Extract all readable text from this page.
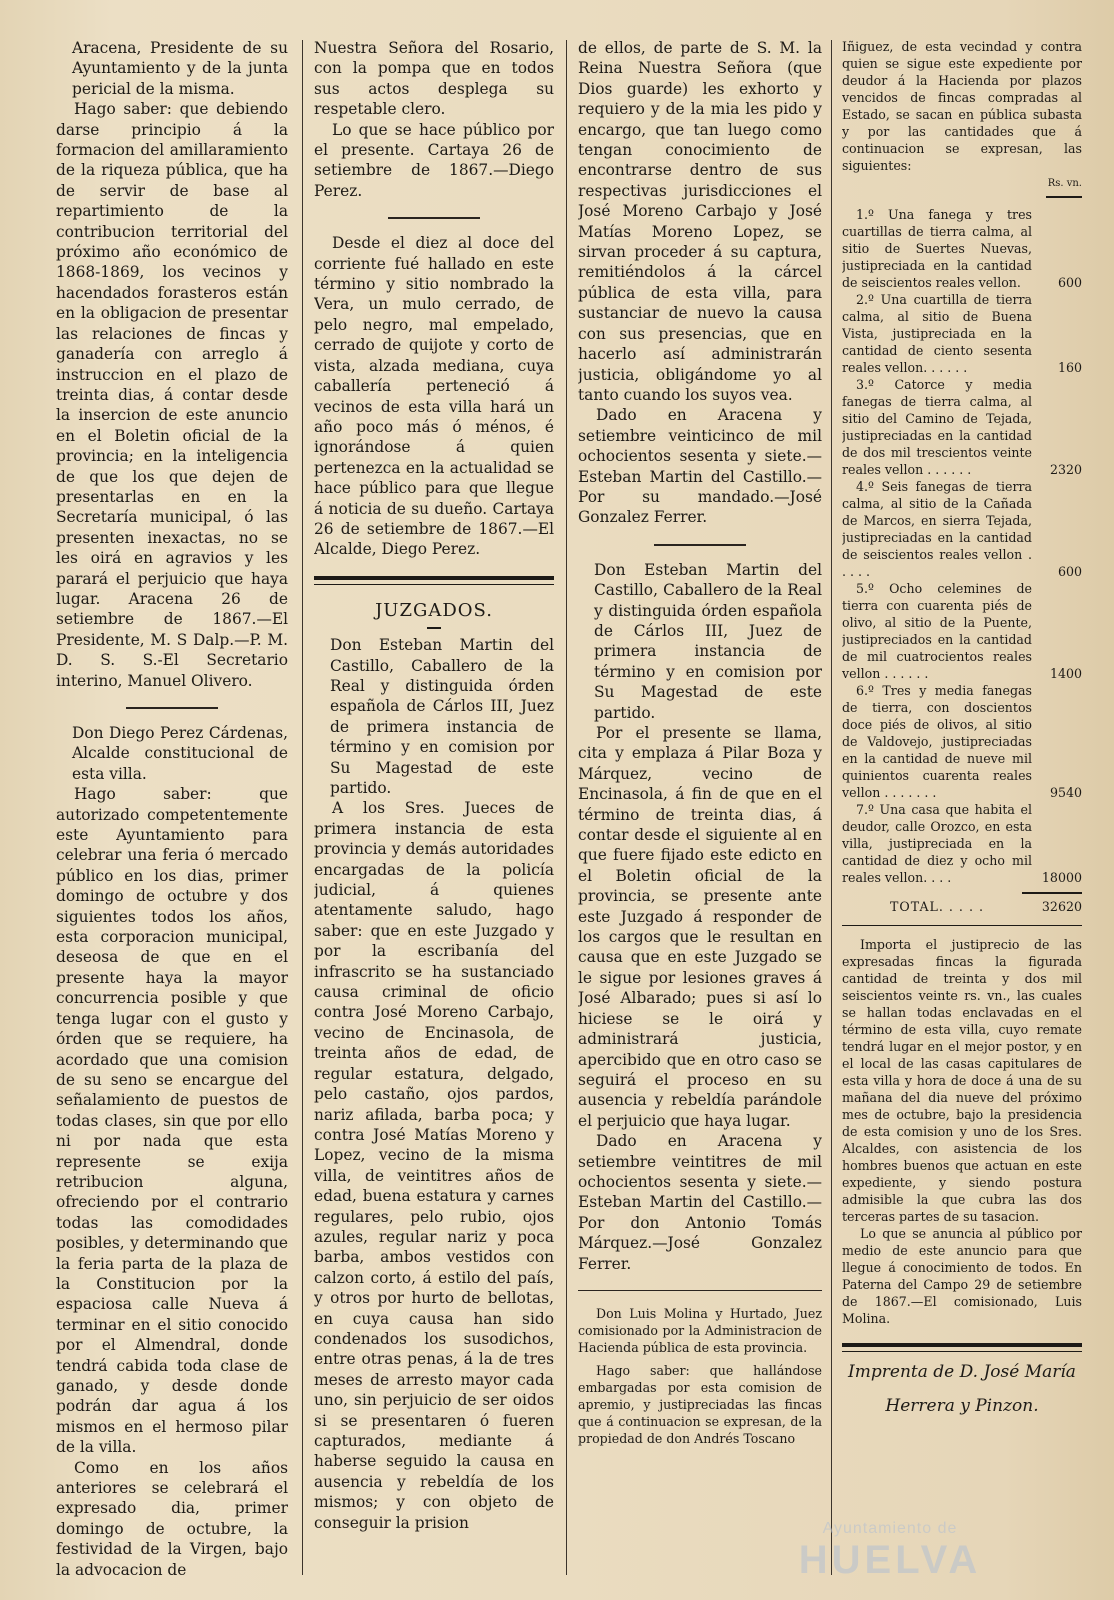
Aracena, Presidente de su Ayuntamiento y de la junta pericial de la misma.

Hago saber: que debiendo darse principio á la formacion del amillaramiento de la riqueza pública, que ha de servir de base al repartimiento de la contribucion territorial del próximo año económico de 1868-1869, los vecinos y hacendados forasteros están en la obligacion de presentar las relaciones de fincas y ganadería con arreglo á instruccion en el plazo de treinta dias, á contar desde la insercion de este anuncio en el Boletin oficial de la provincia; en la inteligencia de que los que dejen de presentarlas en en la Secretaría municipal, ó las presenten inexactas, no se les oirá en agravios y les parará el perjuicio que haya lugar. Aracena 26 de setiembre de 1867.—El Presidente, M. S Dalp.—P. M. D. S. S.-El Secretario interino, Manuel Olivero.

Don Diego Perez Cárdenas, Alcalde constitucional de esta villa.

Hago saber: que autorizado competentemente este Ayuntamiento para celebrar una feria ó mercado público en los dias, primer domingo de octubre y dos siguientes todos los años, esta corporacion municipal, deseosa de que en el presente haya la mayor concurrencia posible y que tenga lugar con el gusto y órden que se requiere, ha acordado que una comision de su seno se encargue del señalamiento de puestos de todas clases, sin que por ello ni por nada que esta represente se exija retribucion alguna, ofreciendo por el contrario todas las comodidades posibles, y determinando que la feria parta de la plaza de la Constitucion por la espaciosa calle Nueva á terminar en el sitio conocido por el Almendral, donde tendrá cabida toda clase de ganado, y desde donde podrán dar agua á los mismos en el hermoso pilar de la villa.

Como en los años anteriores se celebrará el expresado dia, primer domingo de octubre, la festividad de la Virgen, bajo la advocacion de

Nuestra Señora del Rosario, con la pompa que en todos sus actos desplega su respetable clero.

Lo que se hace público por el presente. Cartaya 26 de setiembre de 1867.—Diego Perez.

Desde el diez al doce del corriente fué hallado en este término y sitio nombrado la Vera, un mulo cerrado, de pelo negro, mal empelado, cerrado de quijote y corto de vista, alzada mediana, cuya caballería perteneció á vecinos de esta villa hará un año poco más ó ménos, é ignorándose á quien pertenezca en la actualidad se hace público para que llegue á noticia de su dueño. Cartaya 26 de setiembre de 1867.—El Alcalde, Diego Perez.

JUZGADOS.

Don Esteban Martin del Castillo, Caballero de la Real y distinguida órden española de Cárlos III, Juez de primera instancia de término y en comision por Su Magestad de este partido.

A los Sres. Jueces de primera instancia de esta provincia y demás autoridades encargadas de la policía judicial, á quienes atentamente saludo, hago saber: que en este Juzgado y por la escribanía del infrascrito se ha sustanciado causa criminal de oficio contra José Moreno Carbajo, vecino de Encinasola, de treinta años de edad, de regular estatura, delgado, pelo castaño, ojos pardos, nariz afilada, barba poca; y contra José Matías Moreno y Lopez, vecino de la misma villa, de veintitres años de edad, buena estatura y carnes regulares, pelo rubio, ojos azules, regular nariz y poca barba, ambos vestidos con calzon corto, á estilo del país, y otros por hurto de bellotas, en cuya causa han sido condenados los susodichos, entre otras penas, á la de tres meses de arresto mayor cada uno, sin perjuicio de ser oidos si se presentaren ó fueren capturados, mediante á haberse seguido la causa en ausencia y rebeldía de los mismos; y con objeto de conseguir la prision

de ellos, de parte de S. M. la Reina Nuestra Señora (que Dios guarde) les exhorto y requiero y de la mia les pido y encargo, que tan luego como tengan conocimiento de encontrarse dentro de sus respectivas jurisdicciones el José Moreno Carbajo y José Matías Moreno Lopez, se sirvan proceder á su captura, remitiéndolos á la cárcel pública de esta villa, para sustanciar de nuevo la causa con sus presencias, que en hacerlo así administrarán justicia, obligándome yo al tanto cuando los suyos vea.

Dado en Aracena y setiembre veinticinco de mil ochocientos sesenta y siete.—Esteban Martin del Castillo.—Por su mandado.—José Gonzalez Ferrer.

Don Esteban Martin del Castillo, Caballero de la Real y distinguida órden española de Cárlos III, Juez de primera instancia de término y en comision por Su Magestad de este partido.

Por el presente se llama, cita y emplaza á Pilar Boza y Márquez, vecino de Encinasola, á fin de que en el término de treinta dias, á contar desde el siguiente al en que fuere fijado este edicto en el Boletin oficial de la provincia, se presente ante este Juzgado á responder de los cargos que le resultan en causa que en este Juzgado se le sigue por lesiones graves á José Albarado; pues si así lo hiciese se le oirá y administrará justicia, apercibido que en otro caso se seguirá el proceso en su ausencia y rebeldía parándole el perjuicio que haya lugar.

Dado en Aracena y setiembre veintitres de mil ochocientos sesenta y siete.—Esteban Martin del Castillo.—Por don Antonio Tomás Márquez.—José Gonzalez Ferrer.

Don Luis Molina y Hurtado, Juez comisionado por la Administracion de Hacienda pública de esta provincia.

Hago saber: que hallándose embargadas por esta comision de apremio, y justipreciadas las fincas que á continuacion se expresan, de la propiedad de don Andrés Toscano

Iñiguez, de esta vecindad y contra quien se sigue este expediente por deudor á la Hacienda por plazos vencidos de fincas compradas al Estado, se sacan en pública subasta y por las cantidades que á continuacion se expresan, las siguientes:

Rs. vn.

1.º Una fanega y tres cuartillas de tierra calma, al sitio de Suertes Nuevas, justipreciada en la cantidad de seiscientos reales vellon.	600

2.º Una cuartilla de tierra calma, al sitio de Buena Vista, justipreciada en la cantidad de ciento sesenta reales vellon. . . . . .	160

3.º Catorce y media fanegas de tierra calma, al sitio del Camino de Tejada, justipreciadas en la cantidad de dos mil trescientos veinte reales vellon . . . . . .	2320

4.º Seis fanegas de tierra calma, al sitio de la Cañada de Marcos, en sierra Tejada, justipreciadas en la cantidad de seiscientos reales vellon . . . . .	600

5.º Ocho celemines de tierra con cuarenta piés de olivo, al sitio de la Puente, justipreciados en la cantidad de mil cuatrocientos reales vellon . . . . . .	1400

6.º Tres y media fanegas de tierra, con doscientos doce piés de olivos, al sitio de Valdovejo, justipreciadas en la cantidad de nueve mil quinientos cuarenta reales vellon . . . . . . .	9540

7.º Una casa que habita el deudor, calle Orozco, en esta villa, justipreciada en la cantidad de diez y ocho mil reales vellon. . . .	18000
TOTAL. . . . .	32620

Importa el justiprecio de las expresadas fincas la figurada cantidad de treinta y dos mil seiscientos veinte rs. vn., las cuales se hallan todas enclavadas en el término de esta villa, cuyo remate tendrá lugar en el mejor postor, y en el local de las casas capitulares de esta villa y hora de doce á una de su mañana del dia nueve del próximo mes de octubre, bajo la presidencia de esta comision y uno de los Sres. Alcaldes, con asistencia de los hombres buenos que actuan en este expediente, y siendo postura admisible la que cubra las dos terceras partes de su tasacion.

Lo que se anuncia al público por medio de este anuncio para que llegue á conocimiento de todos. En Paterna del Campo 29 de setiembre de 1867.—El comisionado, Luis Molina.

Imprenta de D. José María

Herrera y Pinzon.

Ayuntamiento de
HUELVA
